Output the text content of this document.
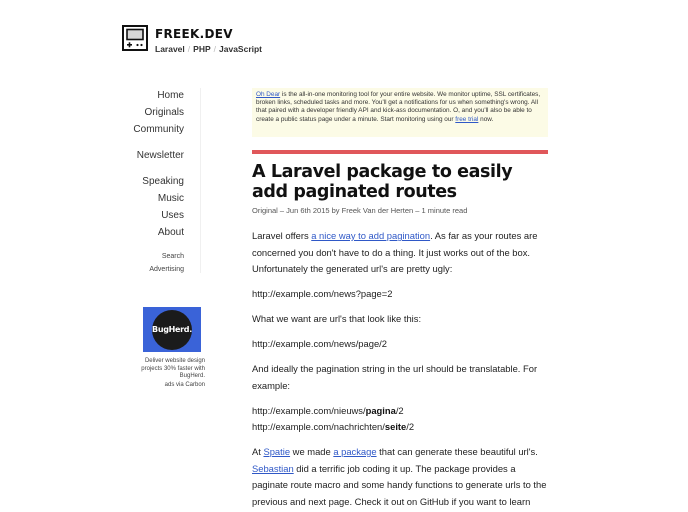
FREEK.DEV
Laravel / PHP / JavaScript
Home
Originals
Community
Newsletter
Speaking
Music
Uses
About
Search
Advertising
BugHerd.
Deliver website design projects 30% faster with BugHerd.
ads via Carbon
Oh Dear is the all-in-one monitoring tool for your entire website. We monitor uptime, SSL certificates, broken links, scheduled tasks and more. You'll get a notifications for us when something's wrong. All that paired with a developer friendly API and kick-ass documentation. O, and you'll also be able to create a public status page under a minute. Start monitoring using our free trial now.
A Laravel package to easily add paginated routes
Original – Jun 6th 2015 by Freek Van der Herten – 1 minute read

Laravel offers a nice way to add pagination. As far as your routes are concerned you don't have to do a thing. It just works out of the box. Unfortunately the generated url's are pretty ugly:

http://example.com/news?page=2

What we want are url's that look like this:

http://example.com/news/page/2

And ideally the pagination string in the url should be translatable. For example:

http://example.com/nieuws/pagina/2
http://example.com/nachrichten/seite/2

At Spatie we made a package that can generate these beautiful url's. Sebastian did a terrific job coding it up. The package provides a paginate route macro and some handy functions to generate urls to the previous and next page. Check it out on GitHub if you want to learn
